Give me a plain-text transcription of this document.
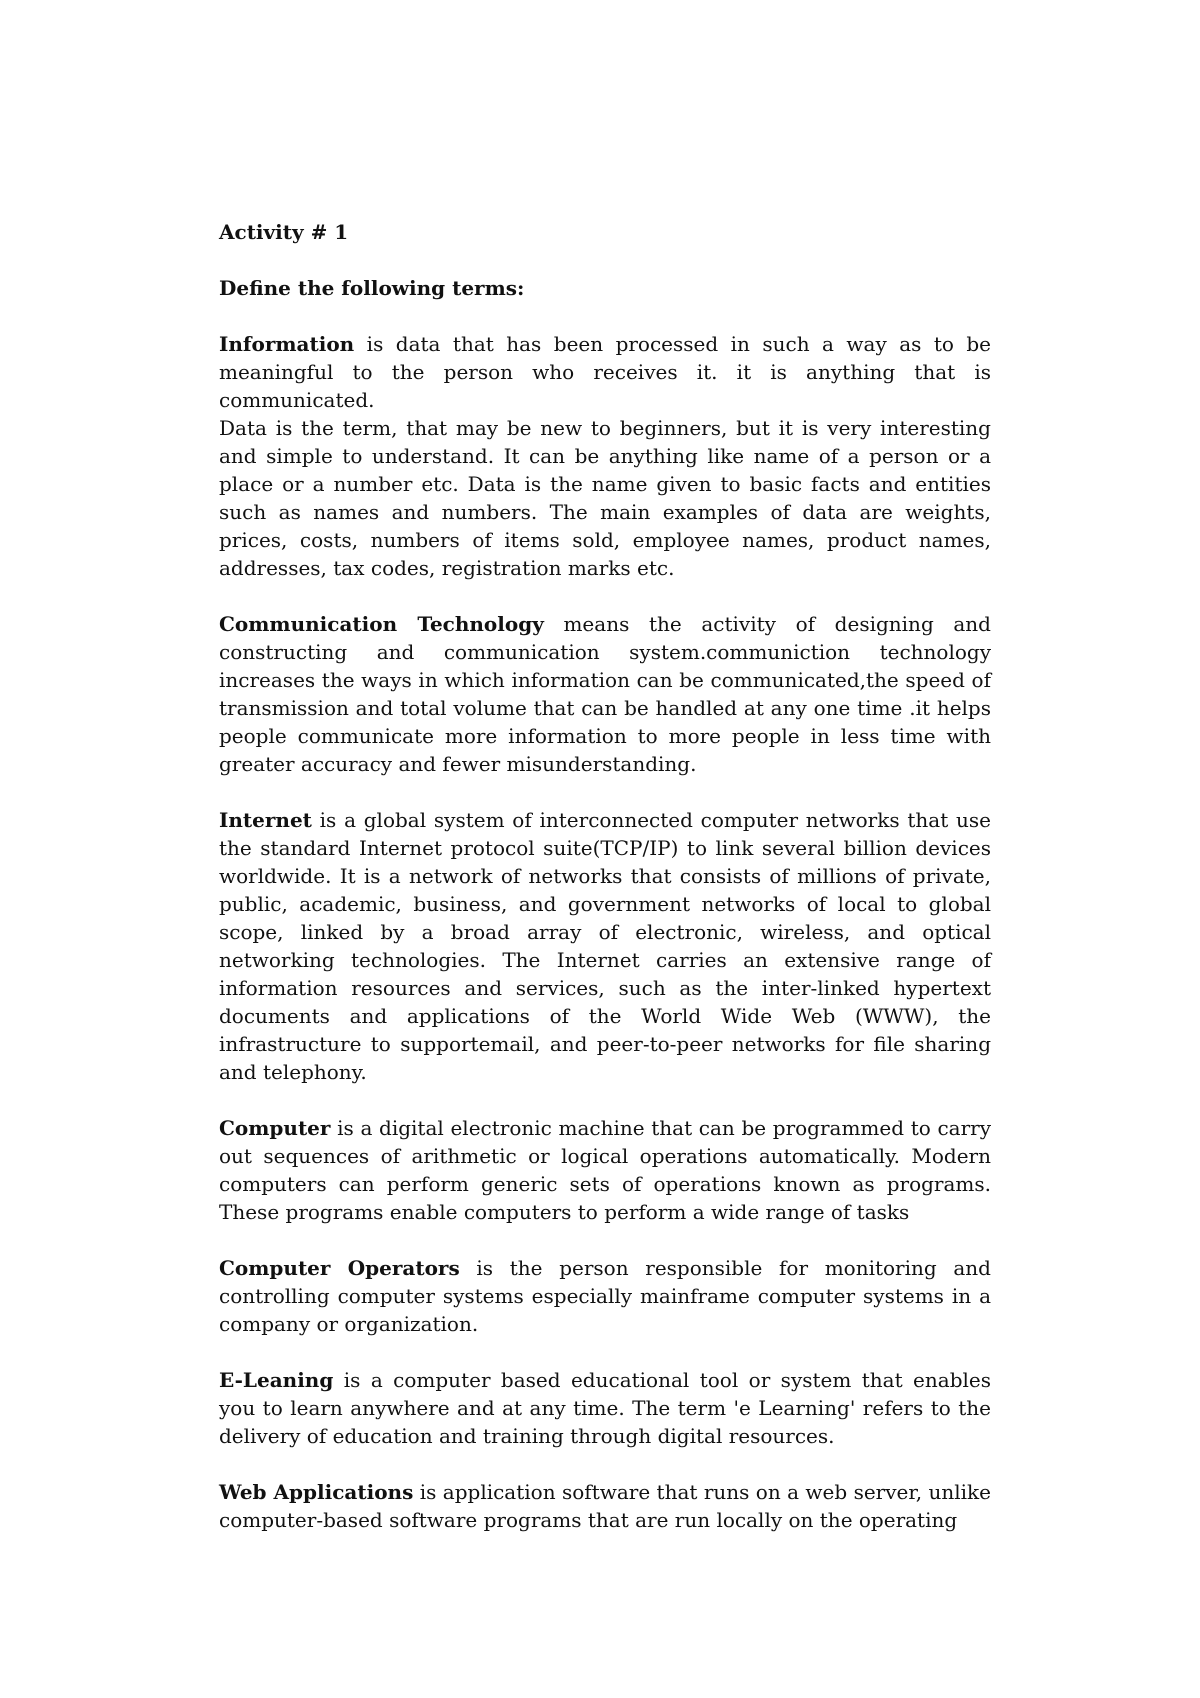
Activity # 1

Define the following terms:

Information is data that has been processed in such a way as to be meaningful to the person who receives it. it is anything that is communicated.

Data is the term, that may be new to beginners, but it is very interesting and simple to understand. It can be anything like name of a person or a place or a number etc. Data is the name given to basic facts and entities such as names and numbers. The main examples of data are weights, prices, costs, numbers of items sold, employee names, product names, addresses, tax codes, registration marks etc.

Communication Technology means the activity of designing and constructing and communication system.communiction technology increases the ways in which information can be communicated,the speed of transmission and total volume that can be handled at any one time .it helps people communicate more information to more people in less time with greater accuracy and fewer misunderstanding.

Internet is a global system of interconnected computer networks that use the standard Internet protocol suite(TCP/IP) to link several billion devices worldwide. It is a network of networks that consists of millions of private, public, academic, business, and government networks of local to global scope, linked by a broad array of electronic, wireless, and optical networking technologies. The Internet carries an extensive range of information resources and services, such as the inter-linked hypertext documents and applications of the World Wide Web (WWW), the infrastructure to supportemail, and peer-to-peer networks for file sharing and telephony.

Computer is a digital electronic machine that can be programmed to carry out sequences of arithmetic or logical operations automatically. Modern computers can perform generic sets of operations known as programs. These programs enable computers to perform a wide range of tasks

Computer Operators is the person responsible for monitoring and controlling computer systems especially mainframe computer systems in a company or organization.

E-Leaning is a computer based educational tool or system that enables you to learn anywhere and at any time. The term 'e Learning' refers to the delivery of education and training through digital resources.

Web Applications is application software that runs on a web server, unlike computer-based software programs that are run locally on the operating
